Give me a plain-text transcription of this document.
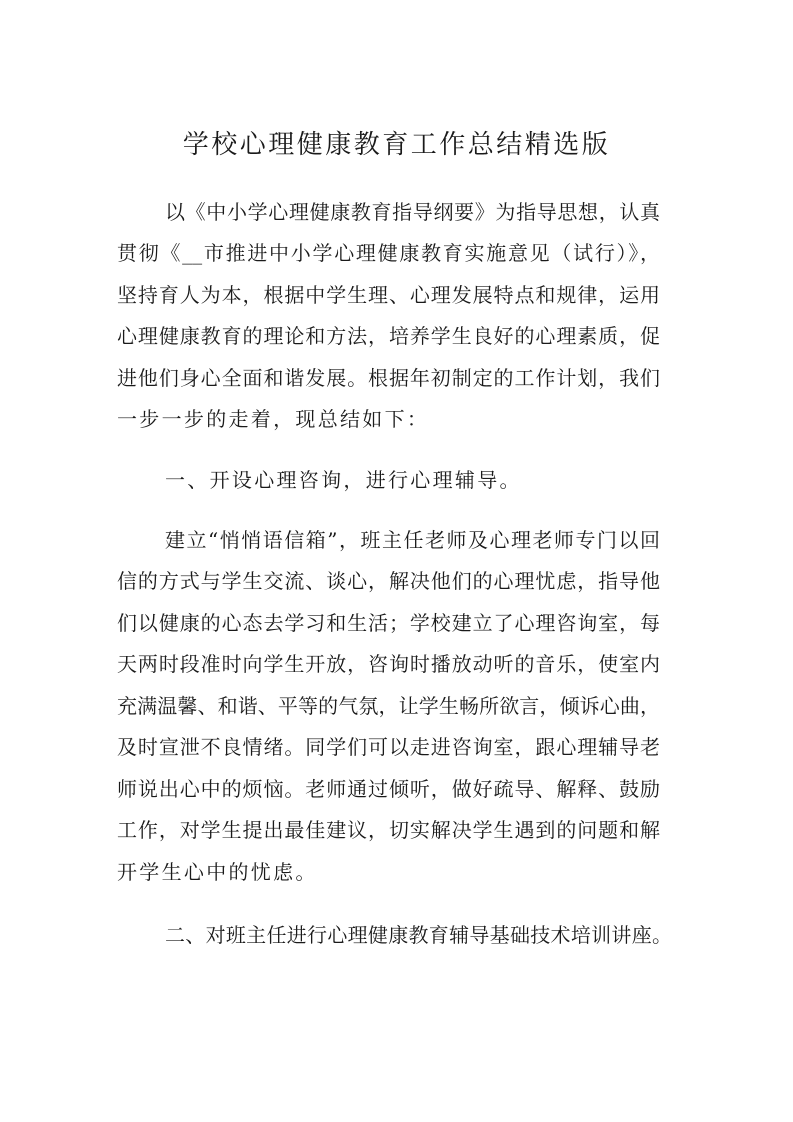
学校心理健康教育工作总结精选版
以《中小学心理健康教育指导纲要》为指导思想，认真
贯彻《__市推进中小学心理健康教育实施意见（试行）》，
坚持育人为本，根据中学生理、心理发展特点和规律，运用
心理健康教育的理论和方法，培养学生良好的心理素质，促
进他们身心全面和谐发展。根据年初制定的工作计划，我们
一步一步的走着，现总结如下：
一、开设心理咨询，进行心理辅导。
建立“悄悄语信箱”，班主任老师及心理老师专门以回
信的方式与学生交流、谈心，解决他们的心理忧虑，指导他
们以健康的心态去学习和生活；学校建立了心理咨询室，每
天两时段准时向学生开放，咨询时播放动听的音乐，使室内
充满温馨、和谐、平等的气氛，让学生畅所欲言，倾诉心曲，
及时宣泄不良情绪。同学们可以走进咨询室，跟心理辅导老
师说出心中的烦恼。老师通过倾听，做好疏导、解释、鼓励
工作，对学生提出最佳建议，切实解决学生遇到的问题和解
开学生心中的忧虑。
二、对班主任进行心理健康教育辅导基础技术培训讲座。
